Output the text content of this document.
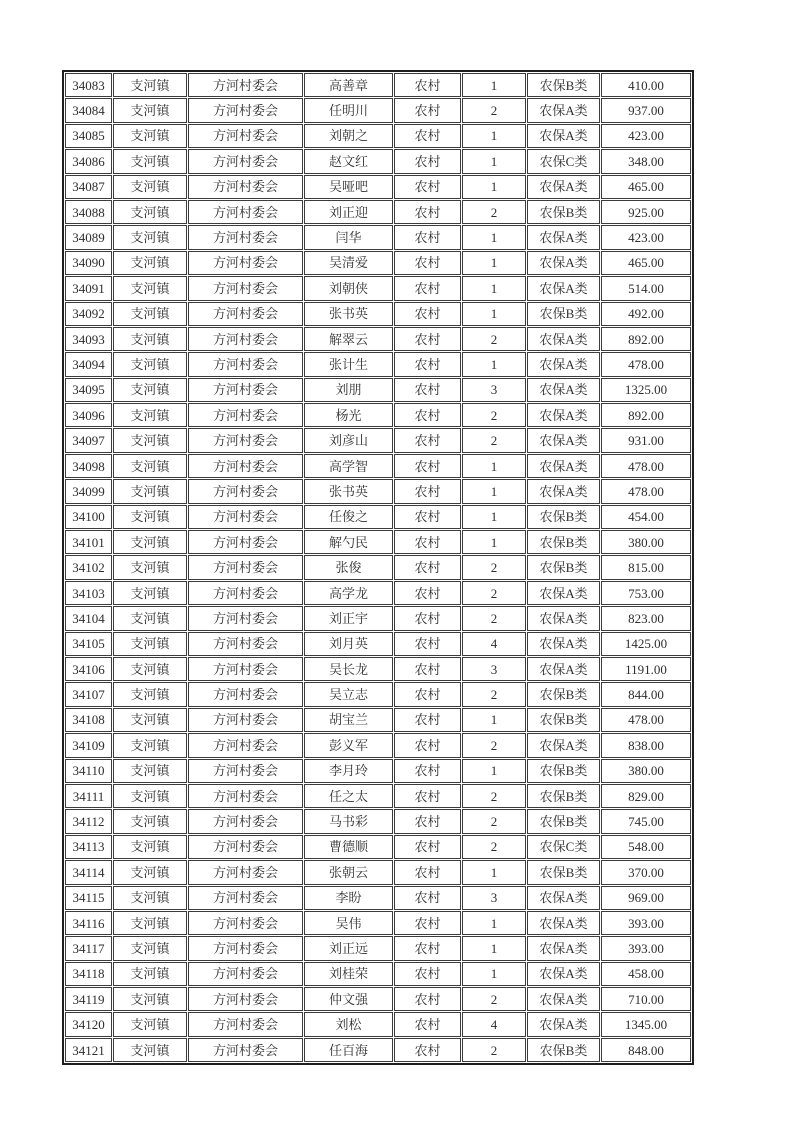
34083	支河镇	方河村委会	高善章	农村	1	农保B类	410.00
34084	支河镇	方河村委会	任明川	农村	2	农保A类	937.00
34085	支河镇	方河村委会	刘朝之	农村	1	农保A类	423.00
34086	支河镇	方河村委会	赵文红	农村	1	农保C类	348.00
34087	支河镇	方河村委会	吴哑吧	农村	1	农保A类	465.00
34088	支河镇	方河村委会	刘正迎	农村	2	农保B类	925.00
34089	支河镇	方河村委会	闫华	农村	1	农保A类	423.00
34090	支河镇	方河村委会	吴清爱	农村	1	农保A类	465.00
34091	支河镇	方河村委会	刘朝侠	农村	1	农保A类	514.00
34092	支河镇	方河村委会	张书英	农村	1	农保B类	492.00
34093	支河镇	方河村委会	解翠云	农村	2	农保A类	892.00
34094	支河镇	方河村委会	张计生	农村	1	农保A类	478.00
34095	支河镇	方河村委会	刘朋	农村	3	农保A类	1325.00
34096	支河镇	方河村委会	杨光	农村	2	农保A类	892.00
34097	支河镇	方河村委会	刘彦山	农村	2	农保A类	931.00
34098	支河镇	方河村委会	高学智	农村	1	农保A类	478.00
34099	支河镇	方河村委会	张书英	农村	1	农保A类	478.00
34100	支河镇	方河村委会	任俊之	农村	1	农保B类	454.00
34101	支河镇	方河村委会	解勺民	农村	1	农保B类	380.00
34102	支河镇	方河村委会	张俊	农村	2	农保B类	815.00
34103	支河镇	方河村委会	高学龙	农村	2	农保A类	753.00
34104	支河镇	方河村委会	刘正宇	农村	2	农保A类	823.00
34105	支河镇	方河村委会	刘月英	农村	4	农保A类	1425.00
34106	支河镇	方河村委会	吴长龙	农村	3	农保A类	1191.00
34107	支河镇	方河村委会	吴立志	农村	2	农保B类	844.00
34108	支河镇	方河村委会	胡宝兰	农村	1	农保B类	478.00
34109	支河镇	方河村委会	彭义军	农村	2	农保A类	838.00
34110	支河镇	方河村委会	李月玲	农村	1	农保B类	380.00
34111	支河镇	方河村委会	任之太	农村	2	农保B类	829.00
34112	支河镇	方河村委会	马书彩	农村	2	农保B类	745.00
34113	支河镇	方河村委会	曹德顺	农村	2	农保C类	548.00
34114	支河镇	方河村委会	张朝云	农村	1	农保B类	370.00
34115	支河镇	方河村委会	李盼	农村	3	农保A类	969.00
34116	支河镇	方河村委会	吴伟	农村	1	农保A类	393.00
34117	支河镇	方河村委会	刘正远	农村	1	农保A类	393.00
34118	支河镇	方河村委会	刘桂荣	农村	1	农保A类	458.00
34119	支河镇	方河村委会	仲文强	农村	2	农保A类	710.00
34120	支河镇	方河村委会	刘松	农村	4	农保A类	1345.00
34121	支河镇	方河村委会	任百海	农村	2	农保B类	848.00
